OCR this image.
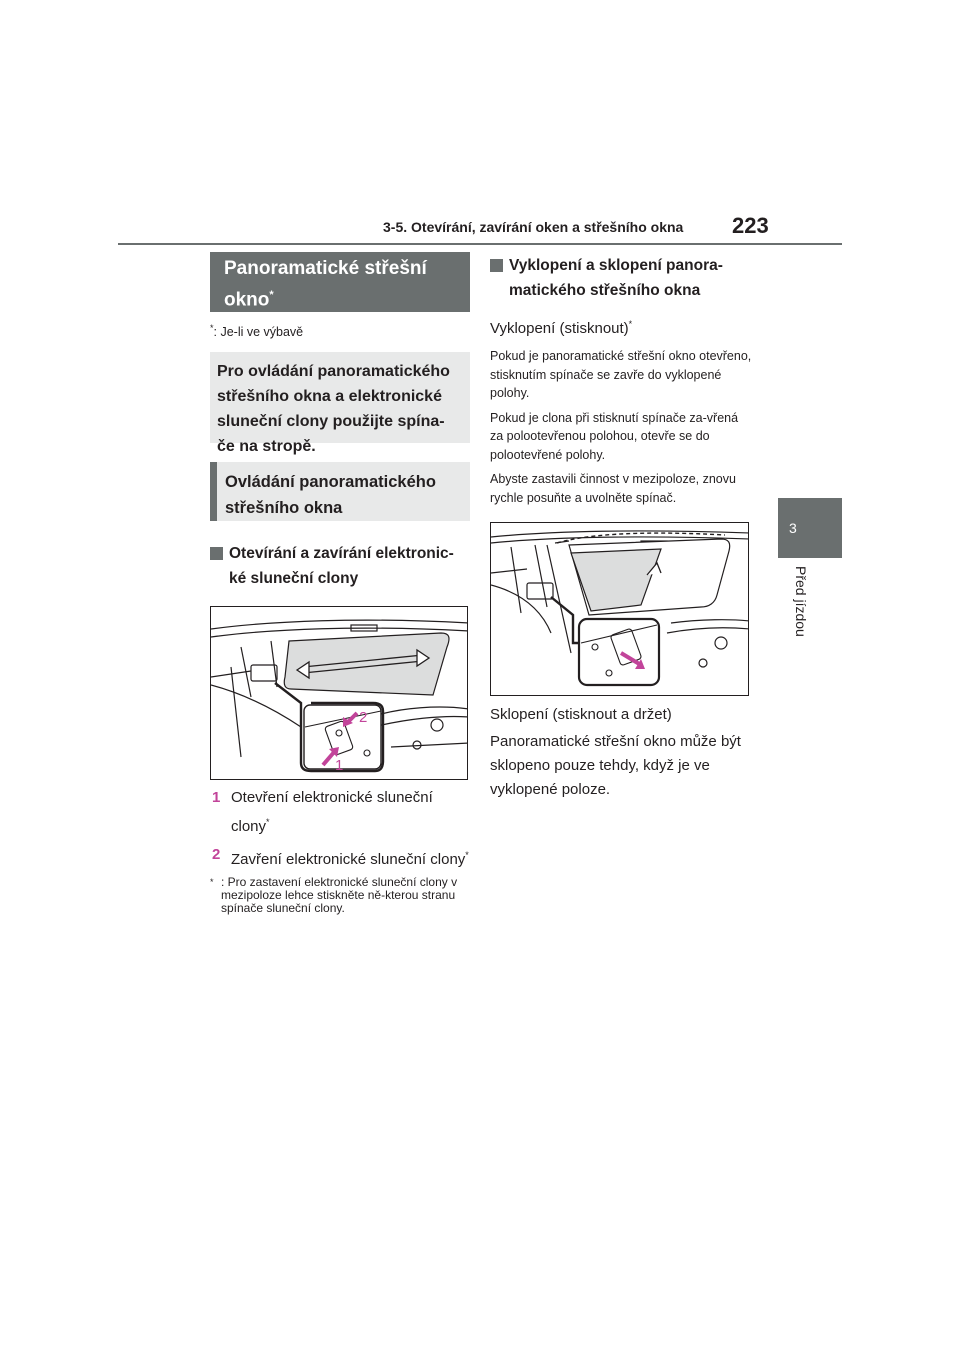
3-5. Otevírání, zavírání oken a střešního okna 223
3
Před jízdou
Panoramatické střešní okno*
*: Je-li ve výbavě
Pro ovládání panoramatického střešního okna a elektronické sluneční clony použijte spína-če na stropě.
Ovládání panoramatického střešního okna
Otevírání a zavírání elektronic-ké sluneční clony
2
1
1 Otevření elektronické sluneční clony*
2 Zavření elektronické sluneční clony*
* : Pro zastavení elektronické sluneční clony v mezipoloze lehce stiskněte ně-kterou stranu spínače sluneční clony.
Vyklopení a sklopení panora-matického střešního okna
Vyklopení (stisknout)*
Pokud je panoramatické střešní okno otevřeno, stisknutím spínače se zavře do vyklopené polohy.
Pokud je clona při stisknutí spínače za-vřená za polootevřenou polohou, otevře se do polootevřené polohy.
Abyste zastavili činnost v mezipoloze, znovu rychle posuňte a uvolněte spínač.
Sklopení (stisknout a držet)
Panoramatické střešní okno může být sklopeno pouze tehdy, když je ve vyklopené poloze.
